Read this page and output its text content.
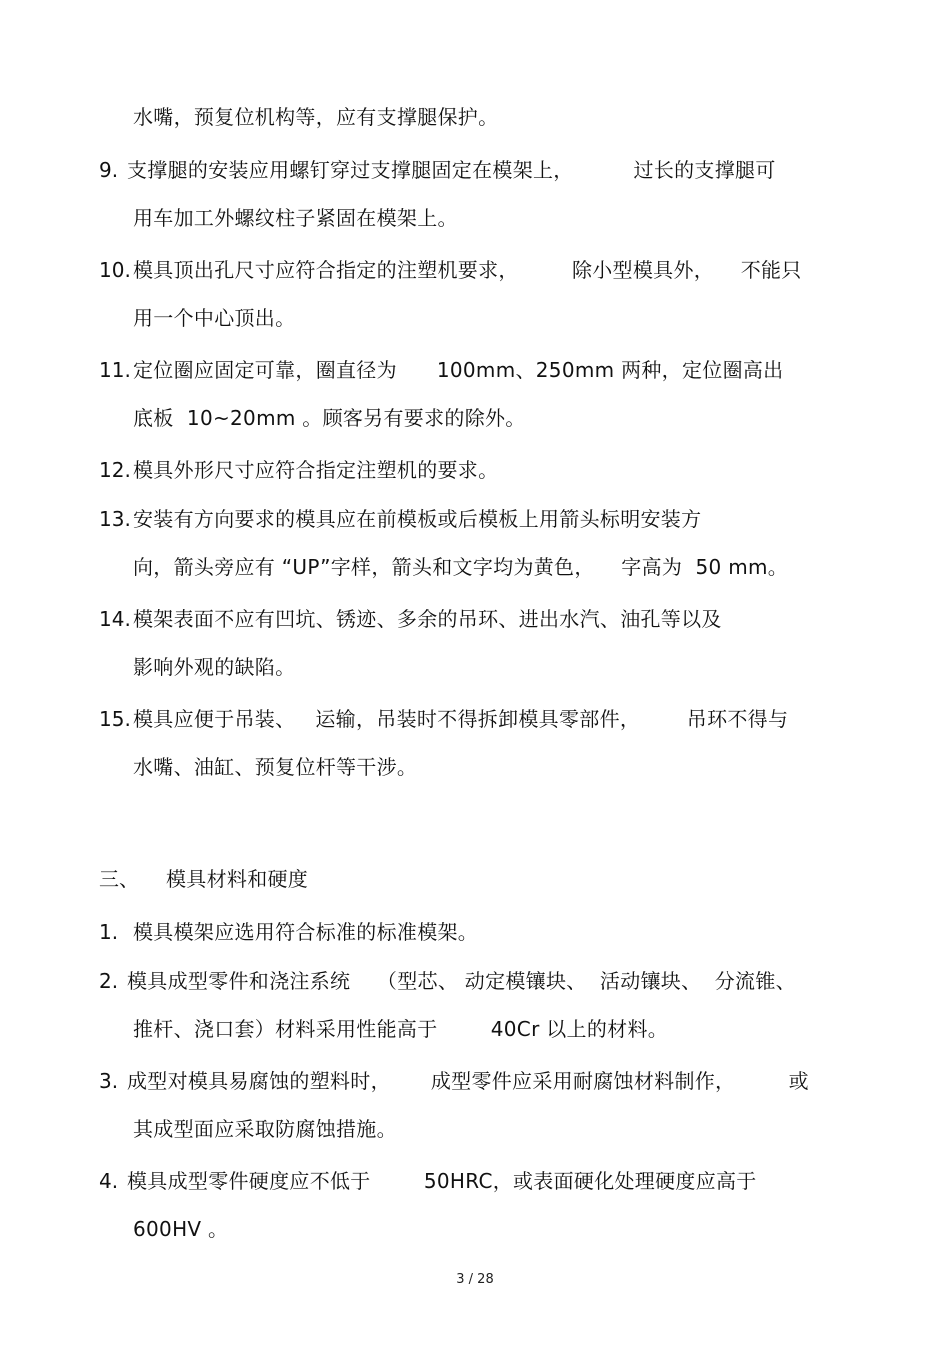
水嘴，预复位机构等，应有支撑腿保护。
9. 支撑腿的安装应用螺钉穿过支撑腿固定在模架上，         过长的支撑腿可
用车加工外螺纹柱子紧固在模架上。
10. 模具顶出孔尺寸应符合指定的注塑机要求，        除小型模具外，    不能只
用一个中心顶出。
11. 定位圈应固定可靠，圈直径为      100mm、250mm 两种，定位圈高出
底板  10~20mm 。顾客另有要求的除外。
12. 模具外形尺寸应符合指定注塑机的要求。
13. 安装有方向要求的模具应在前模板或后模板上用箭头标明安装方
向，箭头旁应有 “UP”字样，箭头和文字均为黄色，    字高为  50 mm。
14. 模架表面不应有凹坑、锈迹、多余的吊环、进出水汽、油孔等以及
影响外观的缺陷。
15. 模具应便于吊装、   运输，吊装时不得拆卸模具零部件，       吊环不得与
水嘴、油缸、预复位杆等干涉。
三、 模具材料和硬度
1. 模具模架应选用符合标准的标准模架。
2. 模具成型零件和浇注系统    （型芯、 动定模镶块、  活动镶块、  分流锥、
推杆、浇口套）材料采用性能高于        40Cr 以上的材料。
3. 成型对模具易腐蚀的塑料时，      成型零件应采用耐腐蚀材料制作，        或
其成型面应采取防腐蚀措施。
4. 模具成型零件硬度应不低于        50HRC，或表面硬化处理硬度应高于
600HV 。
3 / 28
